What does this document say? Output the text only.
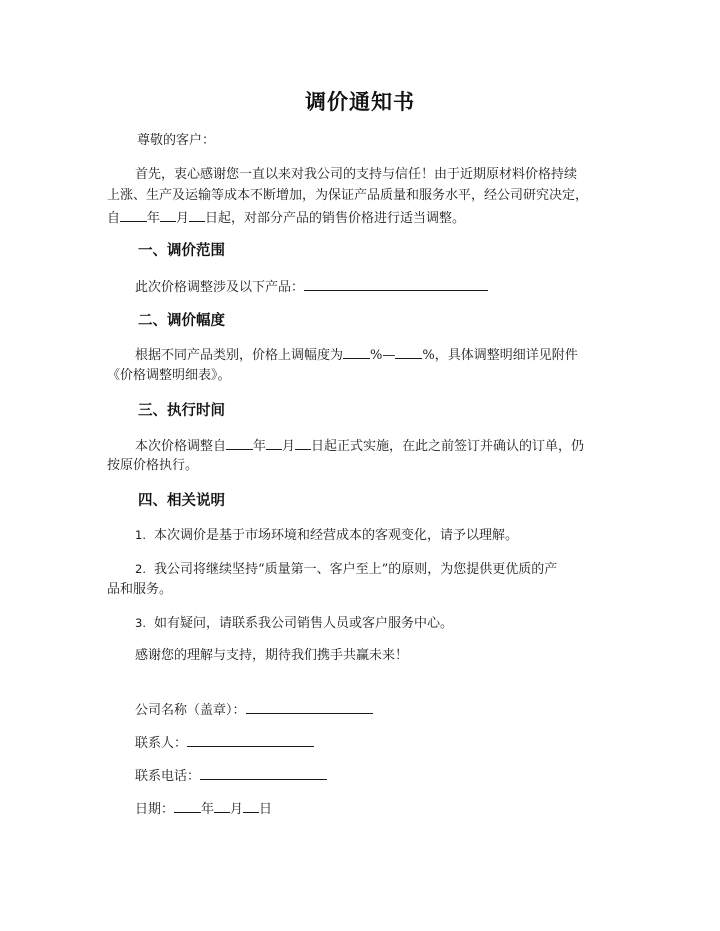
调价通知书
尊敬的客户：
首先，衷心感谢您一直以来对我公司的支持与信任！由于近期原材料价格持续
上涨、生产及运输等成本不断增加，为保证产品质量和服务水平，经公司研究决定，
自 年 月 日起，对部分产品的销售价格进行适当调整。
一、调价范围
此次价格调整涉及以下产品：
二、调价幅度
根据不同产品类别，价格上调幅度为 %— %，具体调整明细详见附件
《价格调整明细表》。
三、执行时间
本次价格调整自 年 月 日起正式实施，在此之前签订并确认的订单，仍
按原价格执行。
四、相关说明
1. 本次调价是基于市场环境和经营成本的客观变化，请予以理解。
2. 我公司将继续坚持“质量第一、客户至上”的原则，为您提供更优质的产
品和服务。
3. 如有疑问，请联系我公司销售人员或客户服务中心。
感谢您的理解与支持，期待我们携手共赢未来！
公司名称（盖章）：
联系人：
联系电话：
日期： 年 月 日
